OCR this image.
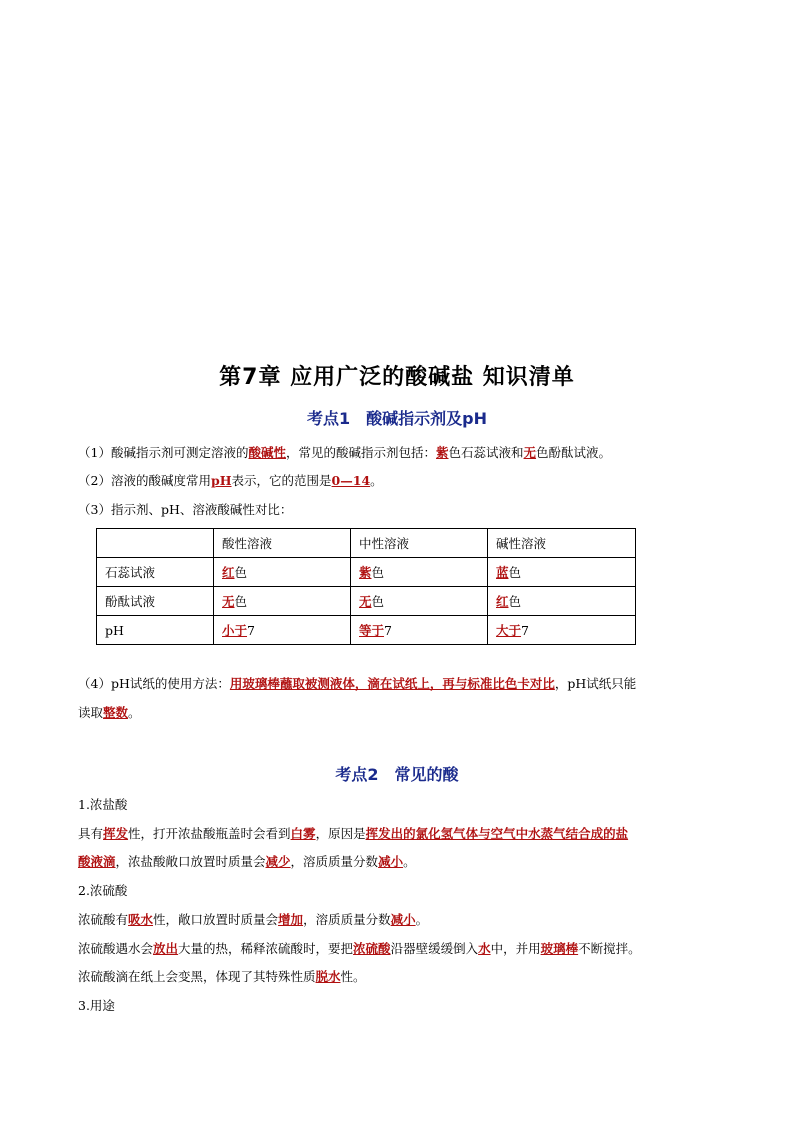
第7章 应用广泛的酸碱盐 知识清单
考点1　酸碱指示剂及pH
（1）酸碱指示剂可测定溶液的酸碱性，常见的酸碱指示剂包括：紫色石蕊试液和无色酚酞试液。
（2）溶液的酸碱度常用pH表示，它的范围是0—14。
（3）指示剂、pH、溶液酸碱性对比：
	酸性溶液	中性溶液	碱性溶液
石蕊试液	红色	紫色	蓝色
酚酞试液	无色	无色	红色
pH	小于7	等于7	大于7
（4）pH试纸的使用方法：用玻璃棒蘸取被测液体，滴在试纸上，再与标准比色卡对比，pH试纸只能
读取整数。
考点2　常见的酸
1.浓盐酸
具有挥发性，打开浓盐酸瓶盖时会看到白雾，原因是挥发出的氯化氢气体与空气中水蒸气结合成的盐
酸液滴，浓盐酸敞口放置时质量会减少，溶质质量分数减小。
2.浓硫酸
浓硫酸有吸水性，敞口放置时质量会增加，溶质质量分数减小。
浓硫酸遇水会放出大量的热，稀释浓硫酸时，要把浓硫酸沿器壁缓缓倒入水中，并用玻璃棒不断搅拌。
浓硫酸滴在纸上会变黑，体现了其特殊性质脱水性。
3.用途
